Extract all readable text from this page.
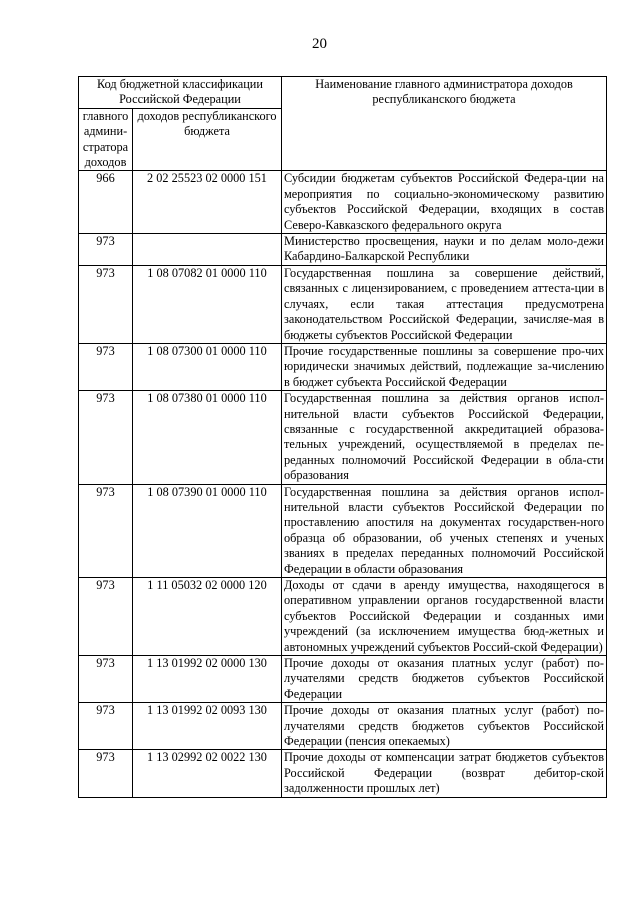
20
Код бюджетной классификации Российской Федерации		Наименование главного администратора доходов республиканского бюджета
главного админи-стратора доходов	доходов республиканского бюджета	
966	2 02 25523 02 0000 151	Субсидии бюджетам субъектов Российской Федера-ции на мероприятия по социально-экономическому развитию субъектов Российской Федерации, входящих в состав Северо-Кавказского федерального округа
973		Министерство просвещения, науки и по делам моло-дежи Кабардино-Балкарской Республики
973	1 08 07082 01 0000 110	Государственная пошлина за совершение действий, связанных с лицензированием, с проведением аттеста-ции в случаях, если такая аттестация предусмотрена законодательством Российской Федерации, зачисляе-мая в бюджеты субъектов Российской Федерации
973	1 08 07300 01 0000 110	Прочие государственные пошлины за совершение про-чих юридически значимых действий, подлежащие за-числению в бюджет субъекта Российской Федерации
973	1 08 07380 01 0000 110	Государственная пошлина за действия органов испол-нительной власти субъектов Российской Федерации, связанные с государственной аккредитацией образова-тельных учреждений, осуществляемой в пределах пе-реданных полномочий Российской Федерации в обла-сти образования
973	1 08 07390 01 0000 110	Государственная пошлина за действия органов испол-нительной власти субъектов Российской Федерации по проставлению апостиля на документах государствен-ного образца об образовании, об ученых степенях и ученых званиях в пределах переданных полномочий Российской Федерации в области образования
973	1 11 05032 02 0000 120	Доходы от сдачи в аренду имущества, находящегося в оперативном управлении органов государственной власти субъектов Российской Федерации и созданных ими учреждений (за исключением имущества бюд-жетных и автономных учреждений субъектов Россий-ской Федерации)
973	1 13 01992 02 0000 130	Прочие доходы от оказания платных услуг (работ) по-лучателями средств бюджетов субъектов Российской Федерации
973	1 13 01992 02 0093 130	Прочие доходы от оказания платных услуг (работ) по-лучателями средств бюджетов субъектов Российской Федерации (пенсия опекаемых)
973	1 13 02992 02 0022 130	Прочие доходы от компенсации затрат бюджетов субъектов Российской Федерации (возврат дебитор-ской задолженности прошлых лет)
